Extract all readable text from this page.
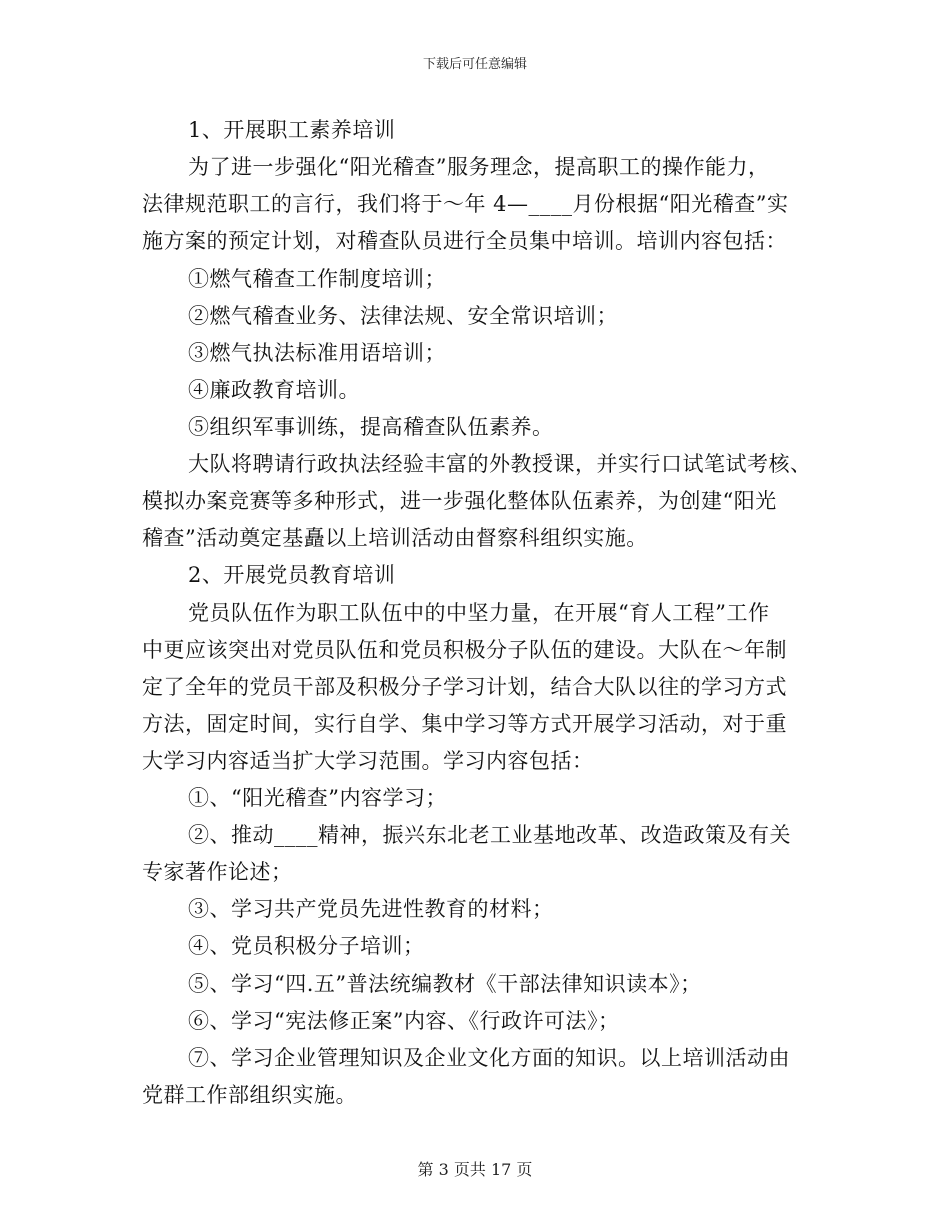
下载后可任意编辑
1、开展职工素养培训
为了进一步强化“阳光稽查”服务理念，提高职工的操作能力，
法律规范职工的言行，我们将于～年 4—____月份根据“阳光稽查”实
施方案的预定计划，对稽查队员进行全员集中培训。培训内容包括：
①燃气稽查工作制度培训；
②燃气稽查业务、法律法规、安全常识培训；
③燃气执法标准用语培训；
④廉政教育培训。
⑤组织军事训练，提高稽查队伍素养。
大队将聘请行政执法经验丰富的外教授课，并实行口试笔试考核、
模拟办案竞赛等多种形式，进一步强化整体队伍素养，为创建“阳光
稽查”活动奠定基矗以上培训活动由督察科组织实施。
2、开展党员教育培训
党员队伍作为职工队伍中的中坚力量，在开展“育人工程”工作
中更应该突出对党员队伍和党员积极分子队伍的建设。大队在～年制
定了全年的党员干部及积极分子学习计划，结合大队以往的学习方式
方法，固定时间，实行自学、集中学习等方式开展学习活动，对于重
大学习内容适当扩大学习范围。学习内容包括：
①、“阳光稽查”内容学习；
②、推动____精神，振兴东北老工业基地改革、改造政策及有关
专家著作论述；
③、学习共产党员先进性教育的材料；
④、党员积极分子培训；
⑤、学习“四.五”普法统编教材《干部法律知识读本》；
⑥、学习“宪法修正案”内容、《行政许可法》；
⑦、学习企业管理知识及企业文化方面的知识。以上培训活动由
党群工作部组织实施。
第 3 页共 17 页
